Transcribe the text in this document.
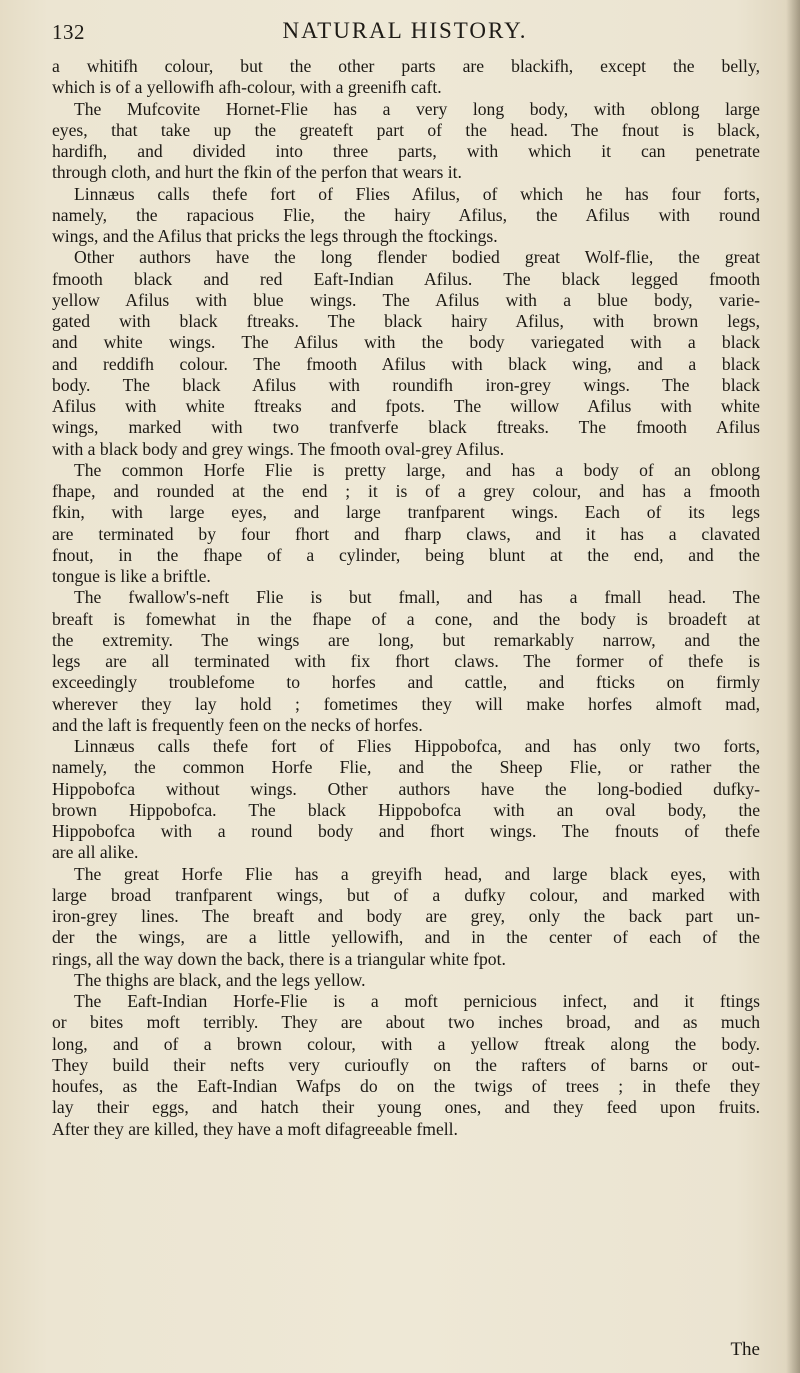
132	NATURAL HISTORY.
a whitifh colour, but the other parts are blackifh, except the belly,
which is of a yellowifh afh-colour, with a greenifh caft.
The Mufcovite Hornet-Flie has a very long body, with oblong large
eyes, that take up the greateft part of the head. The fnout is black,
hardifh, and divided into three parts, with which it can penetrate
through cloth, and hurt the fkin of the perfon that wears it.
Linnæus calls thefe fort of Flies Afilus, of which he has four forts,
namely, the rapacious Flie, the hairy Afilus, the Afilus with round
wings, and the Afilus that pricks the legs through the ftockings.
Other authors have the long flender bodied great Wolf-flie, the great
fmooth black and red Eaft-Indian Afilus. The black legged fmooth
yellow Afilus with blue wings. The Afilus with a blue body, varie-
gated with black ftreaks. The black hairy Afilus, with brown legs,
and white wings. The Afilus with the body variegated with a black
and reddifh colour. The fmooth Afilus with black wing, and a black
body. The black Afilus with roundifh iron-grey wings. The black
Afilus with white ftreaks and fpots. The willow Afilus with white
wings, marked with two tranfverfe black ftreaks. The fmooth Afilus
with a black body and grey wings. The fmooth oval-grey Afilus.
The common Horfe Flie is pretty large, and has a body of an oblong
fhape, and rounded at the end ; it is of a grey colour, and has a fmooth
fkin, with large eyes, and large tranfparent wings. Each of its legs
are terminated by four fhort and fharp claws, and it has a clavated
fnout, in the fhape of a cylinder, being blunt at the end, and the
tongue is like a briftle.
The fwallow's-neft Flie is but fmall, and has a fmall head. The
breaft is fomewhat in the fhape of a cone, and the body is broadeft at
the extremity. The wings are long, but remarkably narrow, and the
legs are all terminated with fix fhort claws. The former of thefe is
exceedingly troublefome to horfes and cattle, and fticks on firmly
wherever they lay hold ; fometimes they will make horfes almoft mad,
and the laft is frequently feen on the necks of horfes.
Linnæus calls thefe fort of Flies Hippobofca, and has only two forts,
namely, the common Horfe Flie, and the Sheep Flie, or rather the
Hippobofca without wings. Other authors have the long-bodied dufky-
brown Hippobofca. The black Hippobofca with an oval body, the
Hippobofca with a round body and fhort wings. The fnouts of thefe
are all alike.
The great Horfe Flie has a greyifh head, and large black eyes, with
large broad tranfparent wings, but of a dufky colour, and marked with
iron-grey lines. The breaft and body are grey, only the back part un-
der the wings, are a little yellowifh, and in the center of each of the
rings, all the way down the back, there is a triangular white fpot.
The thighs are black, and the legs yellow.
The Eaft-Indian Horfe-Flie is a moft pernicious infect, and it ftings
or bites moft terribly. They are about two inches broad, and as much
long, and of a brown colour, with a yellow ftreak along the body.
They build their nefts very curioufly on the rafters of barns or out-
houfes, as the Eaft-Indian Wafps do on the twigs of trees ; in thefe they
lay their eggs, and hatch their young ones, and they feed upon fruits.
After they are killed, they have a moft difagreeable fmell.
The
